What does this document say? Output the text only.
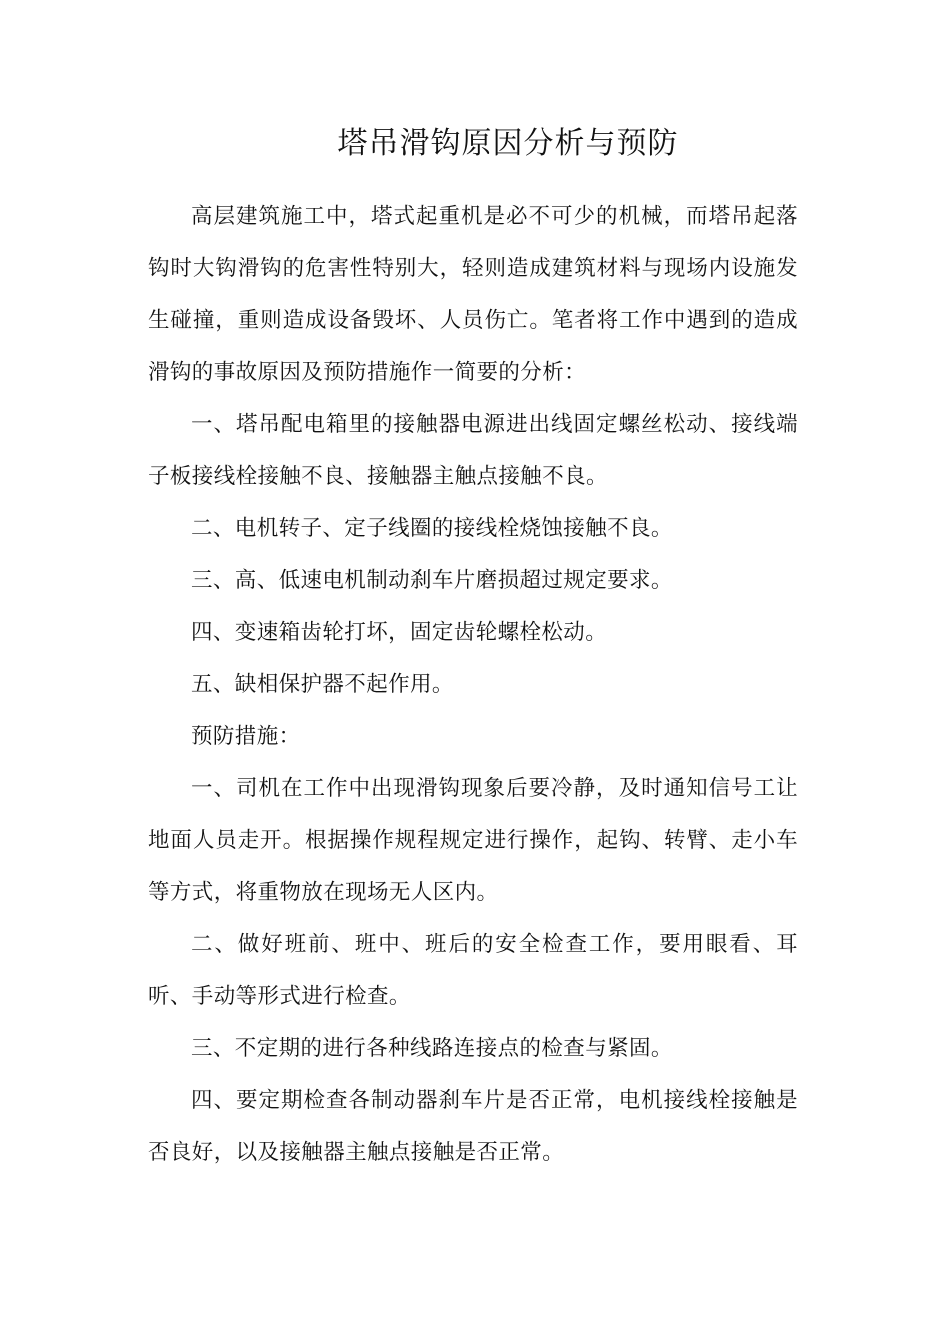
塔吊滑钩原因分析与预防

高层建筑施工中，塔式起重机是必不可少的机械，而塔吊起落钩时大钩滑钩的危害性特别大，轻则造成建筑材料与现场内设施发生碰撞，重则造成设备毁坏、人员伤亡。笔者将工作中遇到的造成滑钩的事故原因及预防措施作一简要的分析：

一、塔吊配电箱里的接触器电源进出线固定螺丝松动、接线端子板接线栓接触不良、接触器主触点接触不良。

二、电机转子、定子线圈的接线栓烧蚀接触不良。

三、高、低速电机制动刹车片磨损超过规定要求。

四、变速箱齿轮打坏，固定齿轮螺栓松动。

五、缺相保护器不起作用。

预防措施：

一、司机在工作中出现滑钩现象后要冷静，及时通知信号工让地面人员走开。根据操作规程规定进行操作，起钩、转臂、走小车等方式，将重物放在现场无人区内。

二、做好班前、班中、班后的安全检查工作，要用眼看、耳听、手动等形式进行检查。

三、不定期的进行各种线路连接点的检查与紧固。

四、要定期检查各制动器刹车片是否正常，电机接线栓接触是否良好，以及接触器主触点接触是否正常。
